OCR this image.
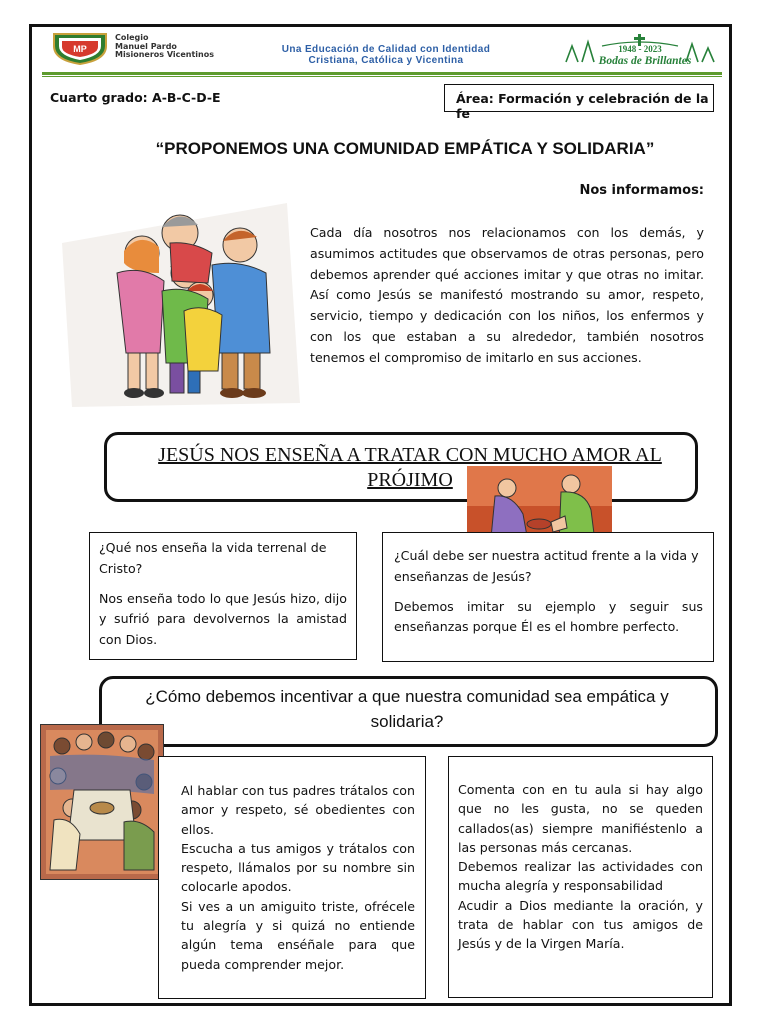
MP
Colegio
Manuel Pardo
Misioneros Vicentinos	Una Educación de Calidad con Identidad
Cristiana, Católica y Vicentina
1948 - 2023
Bodas de Brillantes
Cuarto grado: A-B-C-D-E	Área: Formación y celebración de la fe
“PROPONEMOS UNA COMUNIDAD EMPÁTICA Y SOLIDARIA”
Nos informamos:
Cada día nosotros nos relacionamos con los demás, y asumimos actitudes que observamos de otras personas, pero debemos aprender qué acciones imitar y que otras no imitar. Así como Jesús se manifestó mostrando su amor, respeto, servicio, tiempo y dedicación con los niños, los enfermos y con los que estaban a su alrededor, también nosotros tenemos el compromiso de imitarlo en sus acciones.
JESÚS NOS ENSEÑA A TRATAR CON MUCHO AMOR AL PRÓJIMO

¿Qué nos enseña la vida terrenal de Cristo?

Nos enseña todo lo que Jesús hizo, dijo y sufrió para devolvernos la amistad con Dios.

¿Cuál debe ser nuestra actitud frente a la vida y enseñanzas de Jesús?

Debemos imitar su ejemplo y seguir sus enseñanzas porque Él es el hombre perfecto.

¿Cómo debemos incentivar a que nuestra comunidad sea empática y solidaria?

Al hablar con tus padres trátalos con amor y respeto, sé obedientes con ellos.

Escucha a tus amigos y trátalos con respeto, llámalos por su nombre sin colocarle apodos.

Si ves a un amiguito triste, ofrécele tu alegría y si quizá no entiende algún tema enséñale para que pueda comprender mejor.

Comenta con en tu aula si hay algo que no les gusta, no se queden callados(as) siempre manifiéstenlo a las personas más cercanas.

Debemos realizar las actividades con mucha alegría y responsabilidad

Acudir a Dios mediante la oración, y trata de hablar con tus amigos de Jesús y de la Virgen María.
